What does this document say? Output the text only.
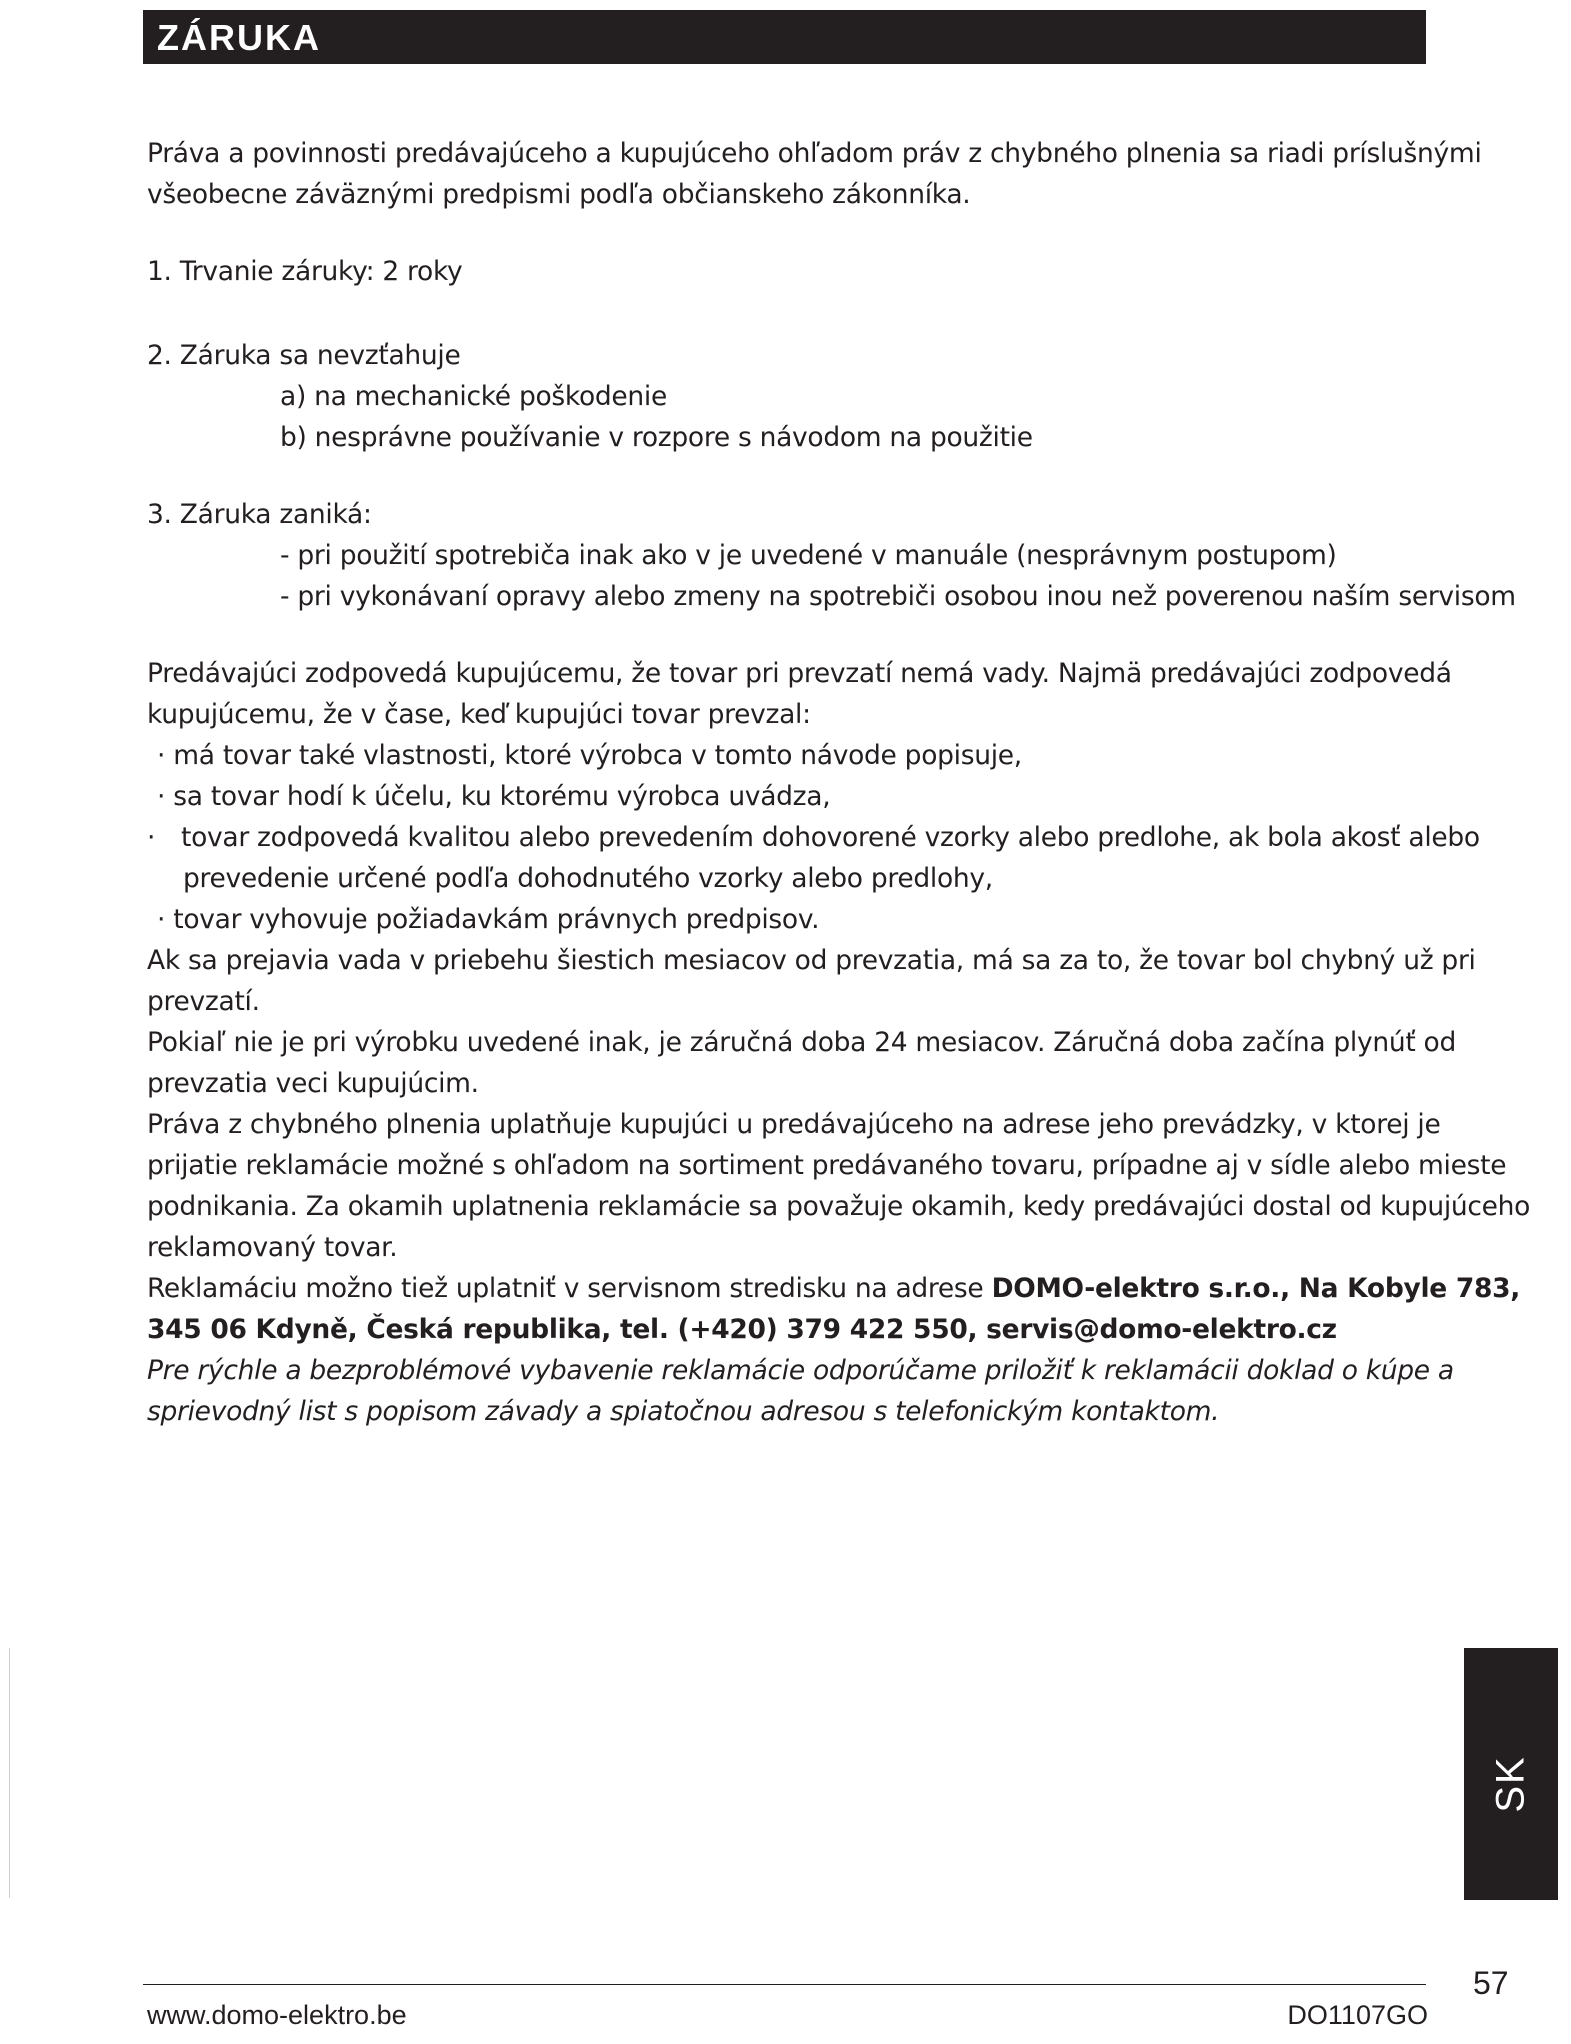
ZÁRUKA

Práva a povinnosti predávajúceho a kupujúceho ohľadom práv z chybného plnenia sa riadi príslušnými

všeobecne záväznými predpismi podľa občianskeho zákonníka.

1. Trvanie záruky: 2 roky

2. Záruka sa nevzťahuje

a) na mechanické poškodenie

b) nesprávne používanie v rozpore s návodom na použitie

3. Záruka zaniká:

- pri použití spotrebiča inak ako v je uvedené v manuále (nesprávnym postupom)

- pri vykonávaní opravy alebo zmeny na spotrebiči osobou inou než poverenou naším servisom

Predávajúci zodpovedá kupujúcemu, že tovar pri prevzatí nemá vady. Najmä predávajúci zodpovedá

kupujúcemu, že v čase, keď kupujúci tovar prevzal:

· má tovar také vlastnosti, ktoré výrobca v tomto návode popisuje,

· sa tovar hodí k účelu, ku ktorému výrobca uvádza,

· tovar zodpovedá kvalitou alebo prevedením dohovorené vzorky alebo predlohe, ak bola akosť alebo

prevedenie určené podľa dohodnutého vzorky alebo predlohy,

· tovar vyhovuje požiadavkám právnych predpisov.

Ak sa prejavia vada v priebehu šiestich mesiacov od prevzatia, má sa za to, že tovar bol chybný už pri

prevzatí.

Pokiaľ nie je pri výrobku uvedené inak, je záručná doba 24 mesiacov. Záručná doba začína plynúť od

prevzatia veci kupujúcim.

Práva z chybného plnenia uplatňuje kupujúci u predávajúceho na adrese jeho prevádzky, v ktorej je

prijatie reklamácie možné s ohľadom na sortiment predávaného tovaru, prípadne aj v sídle alebo mieste

podnikania. Za okamih uplatnenia reklamácie sa považuje okamih, kedy predávajúci dostal od kupujúceho

reklamovaný tovar.

Reklamáciu možno tiež uplatniť v servisnom stredisku na adrese DOMO-elektro s.r.o., Na Kobyle 783,

345 06 Kdyně, Česká republika, tel. (+420) 379 422 550, servis@domo-elektro.cz

Pre rýchle a bezproblémové vybavenie reklamácie odporúčame priložiť k reklamácii doklad o kúpe a

sprievodný list s popisom závady a spiatočnou adresou s telefonickým kontaktom.

SK
57
www.domo-elektro.be	DO1107GO
